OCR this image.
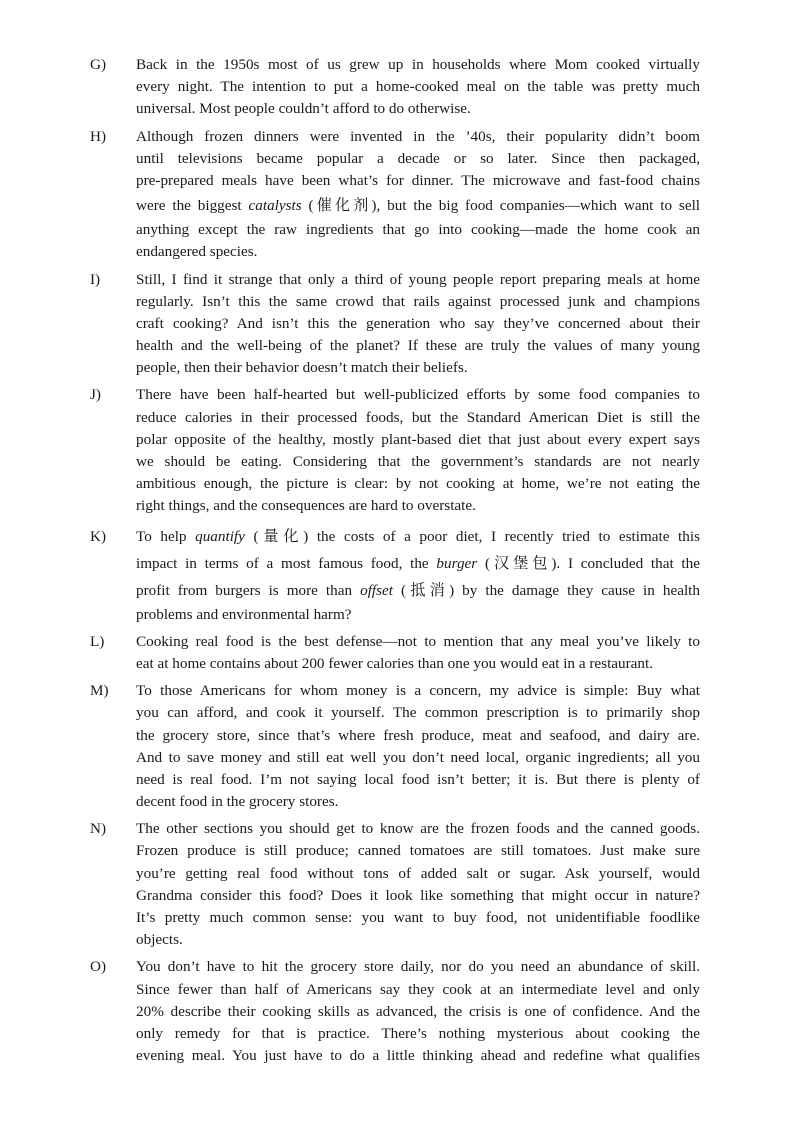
G) Back in the 1950s most of us grew up in households where Mom cooked virtually
every night. The intention to put a home-cooked meal on the table was pretty much
universal. Most people couldn’t afford to do otherwise.
H) Although frozen dinners were invented in the ’40s, their popularity didn’t boom
until televisions became popular a decade or so later. Since then packaged,
pre-prepared meals have been what’s for dinner. The microwave and fast-food chains
were the biggest catalysts (催化剂), but the big food companies—which want to sell
anything except the raw ingredients that go into cooking—made the home cook an
endangered species.
I) Still, I find it strange that only a third of young people report preparing meals at home
regularly. Isn’t this the same crowd that rails against processed junk and champions
craft cooking? And isn’t this the generation who say they’ve concerned about their
health and the well-being of the planet? If these are truly the values of many young
people, then their behavior doesn’t match their beliefs.
J) There have been half-hearted but well-publicized efforts by some food companies to
reduce calories in their processed foods, but the Standard American Diet is still the
polar opposite of the healthy, mostly plant-based diet that just about every expert says
we should be eating. Considering that the government’s standards are not nearly
ambitious enough, the picture is clear: by not cooking at home, we’re not eating the
right things, and the consequences are hard to overstate.
K) To help quantify (量化) the costs of a poor diet, I recently tried to estimate this
impact in terms of a most famous food, the burger (汉堡包). I concluded that the
profit from burgers is more than offset (抵消) by the damage they cause in health
problems and environmental harm?
L) Cooking real food is the best defense—not to mention that any meal you’ve likely to
eat at home contains about 200 fewer calories than one you would eat in a restaurant.
M) To those Americans for whom money is a concern, my advice is simple: Buy what
you can afford, and cook it yourself. The common prescription is to primarily shop
the grocery store, since that’s where fresh produce, meat and seafood, and dairy are.
And to save money and still eat well you don’t need local, organic ingredients; all you
need is real food. I’m not saying local food isn’t better; it is. But there is plenty of
decent food in the grocery stores.
N) The other sections you should get to know are the frozen foods and the canned goods.
Frozen produce is still produce; canned tomatoes are still tomatoes. Just make sure
you’re getting real food without tons of added salt or sugar. Ask yourself, would
Grandma consider this food? Does it look like something that might occur in nature?
It’s pretty much common sense: you want to buy food, not unidentifiable foodlike
objects.
O) You don’t have to hit the grocery store daily, nor do you need an abundance of skill.
Since fewer than half of Americans say they cook at an intermediate level and only
20% describe their cooking skills as advanced, the crisis is one of confidence. And the
only remedy for that is practice. There’s nothing mysterious about cooking the
evening meal. You just have to do a little thinking ahead and redefine what qualifies
